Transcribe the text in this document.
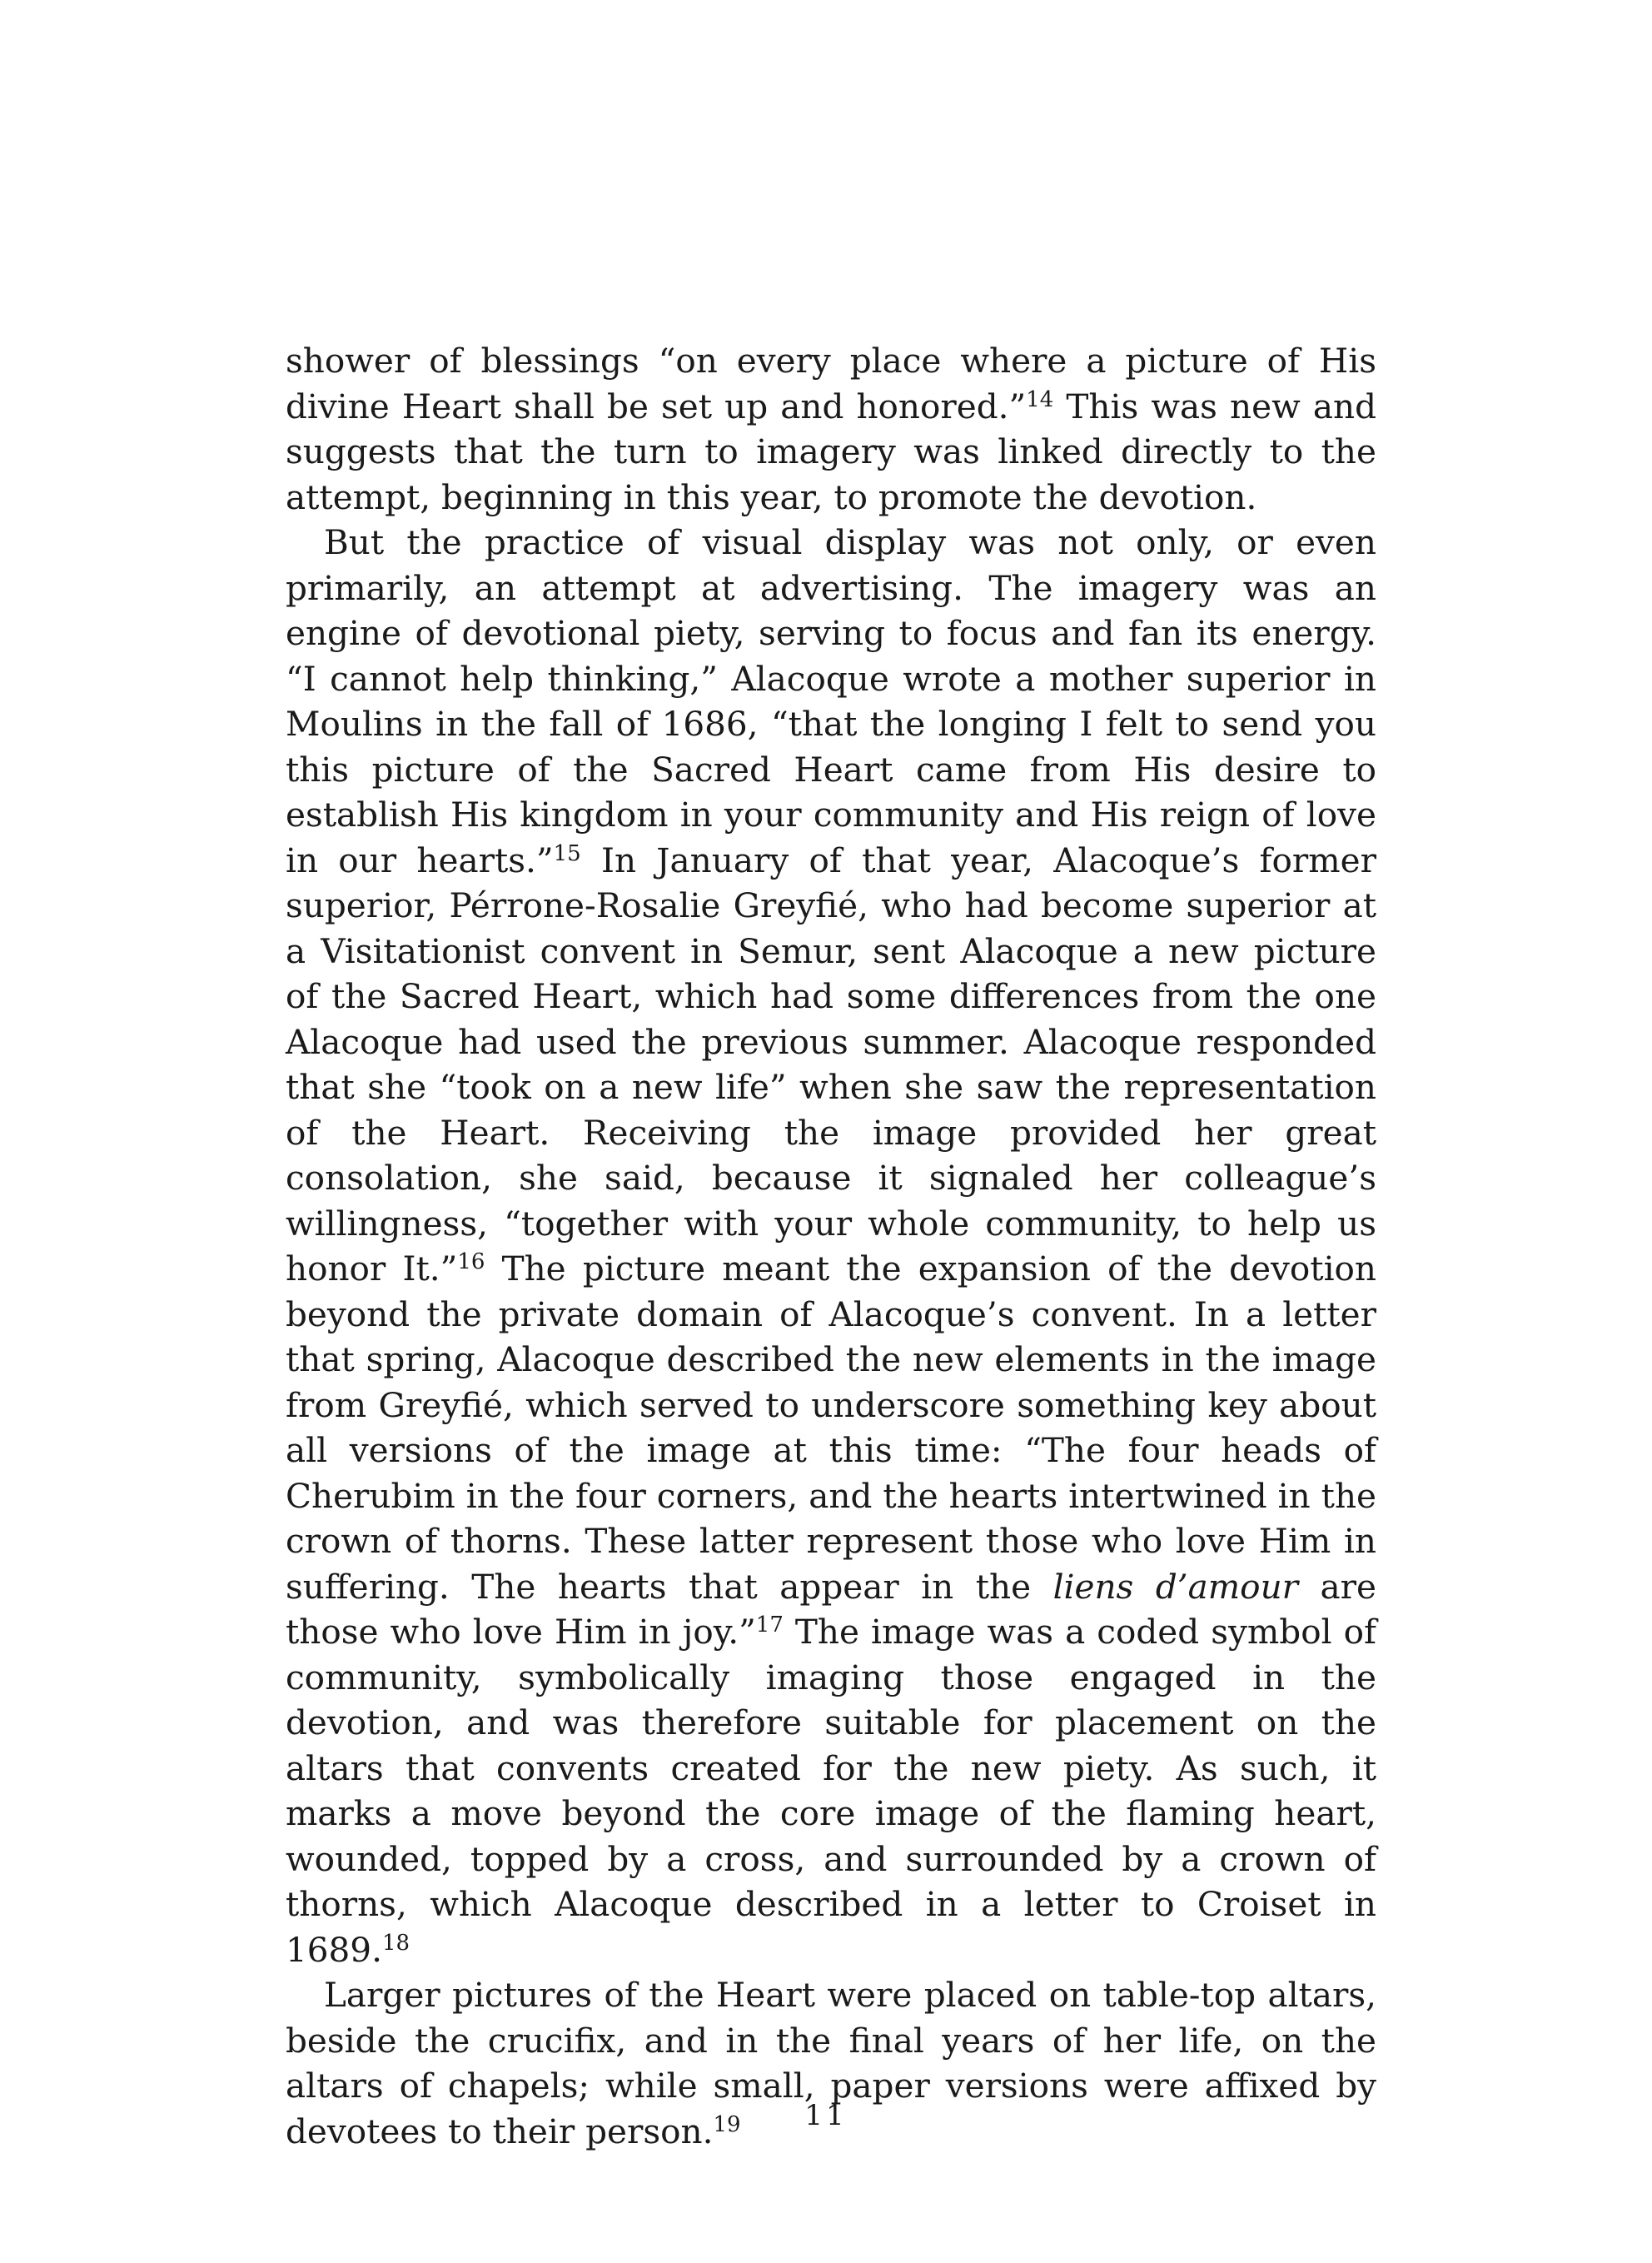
shower of blessings “on every place where a picture of His divine Heart shall be set up and honored.”$^{14}$ This was new and suggests that the turn to imagery was linked directly to the attempt, beginning in this year, to promote the devotion.

But the practice of visual display was not only, or even primarily, an attempt at advertising. The imagery was an engine of devotional piety, serving to focus and fan its energy. “I cannot help thinking,” Alacoque wrote a mother superior in Moulins in the fall of 1686, “that the longing I felt to send you this picture of the Sacred Heart came from His desire to establish His kingdom in your community and His reign of love in our hearts.”$^{15}$ In January of that year, Alacoque’s former superior, Pérrone-Rosalie Greyfié, who had become superior at a Visitationist convent in Semur, sent Alacoque a new picture of the Sacred Heart, which had some differences from the one Alacoque had used the previous summer. Alacoque responded that she “took on a new life” when she saw the representation of the Heart. Receiving the image provided her great consolation, she said, because it signaled her colleague’s willingness, “together with your whole community, to help us honor It.”$^{16}$ The picture meant the expansion of the devotion beyond the private domain of Alacoque’s convent. In a letter that spring, Alacoque described the new elements in the image from Greyfié, which served to underscore something key about all versions of the image at this time: “The four heads of Cherubim in the four corners, and the hearts intertwined in the crown of thorns. These latter represent those who love Him in suffering. The hearts that appear in the liens d’amour are those who love Him in joy.”$^{17}$ The image was a coded symbol of community, symbolically imaging those engaged in the devotion, and was therefore suitable for placement on the altars that convents created for the new piety. As such, it marks a move beyond the core image of the flaming heart, wounded, topped by a cross, and surrounded by a crown of thorns, which Alacoque described in a letter to Croiset in 1689.18

Larger pictures of the Heart were placed on table-top altars, beside the crucifix, and in the final years of her life, on the altars of chapels; while small, paper versions were affixed by devotees to their person.$^{19}$	11
